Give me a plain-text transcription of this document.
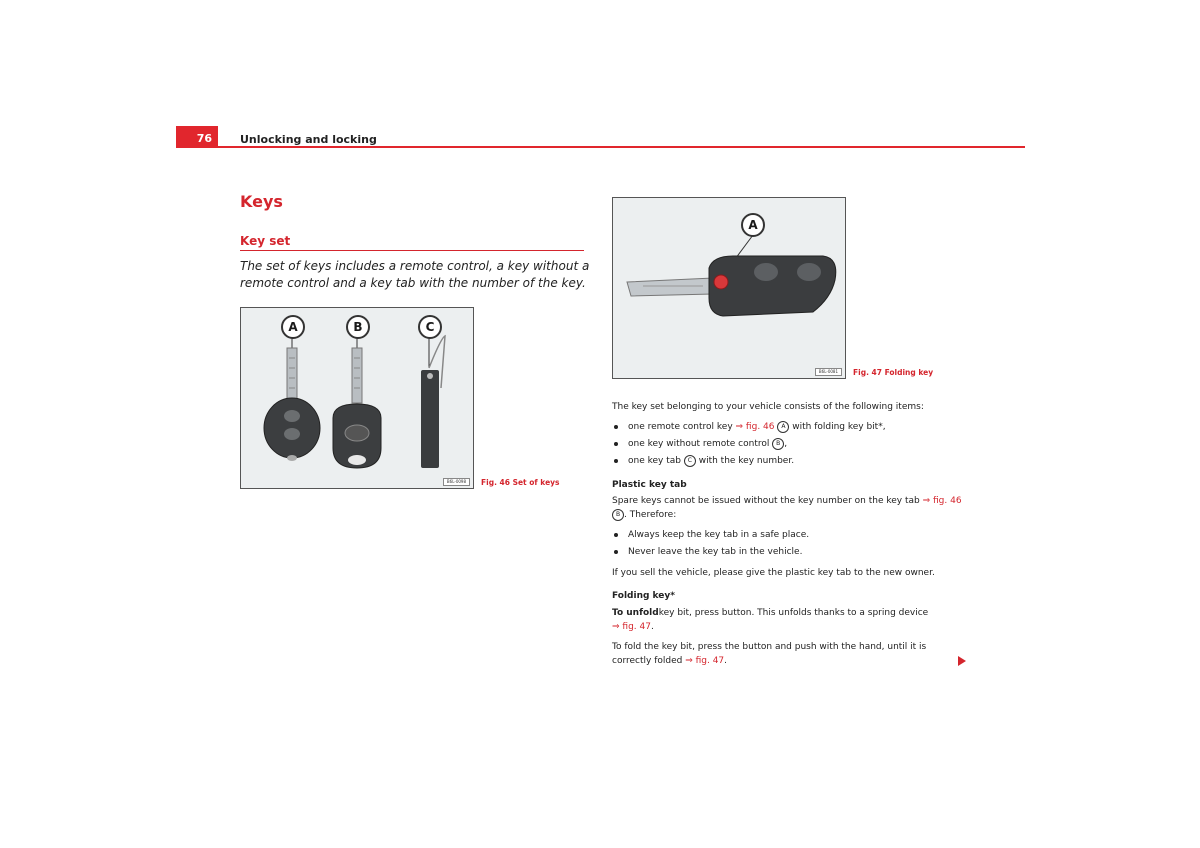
76	Unlocking and locking
Keys
Key set
The set of keys includes a remote control, a key without a remote control and a key tab with the number of the key.
A	B	C
B6L-0098	Fig. 46 Set of keys
A
B6L-0081	Fig. 47 Folding key
The key set belonging to your vehicle consists of the following items:
one remote control key ⇒ fig. 46 A with folding key bit*,
one key without remote control B ,
one key tab C with the key number.
Plastic key tab
Spare keys cannot be issued without the key number on the key tab ⇒ fig. 46
B . Therefore:
Always keep the key tab in a safe place.
Never leave the key tab in the vehicle.
If you sell the vehicle, please give the plastic key tab to the new owner.
Folding key*
To unfoldkey bit, press button. This unfolds thanks to a spring device
⇒ fig. 47.
To fold the key bit, press the button and push with the hand, until it is correctly folded ⇒ fig. 47.
